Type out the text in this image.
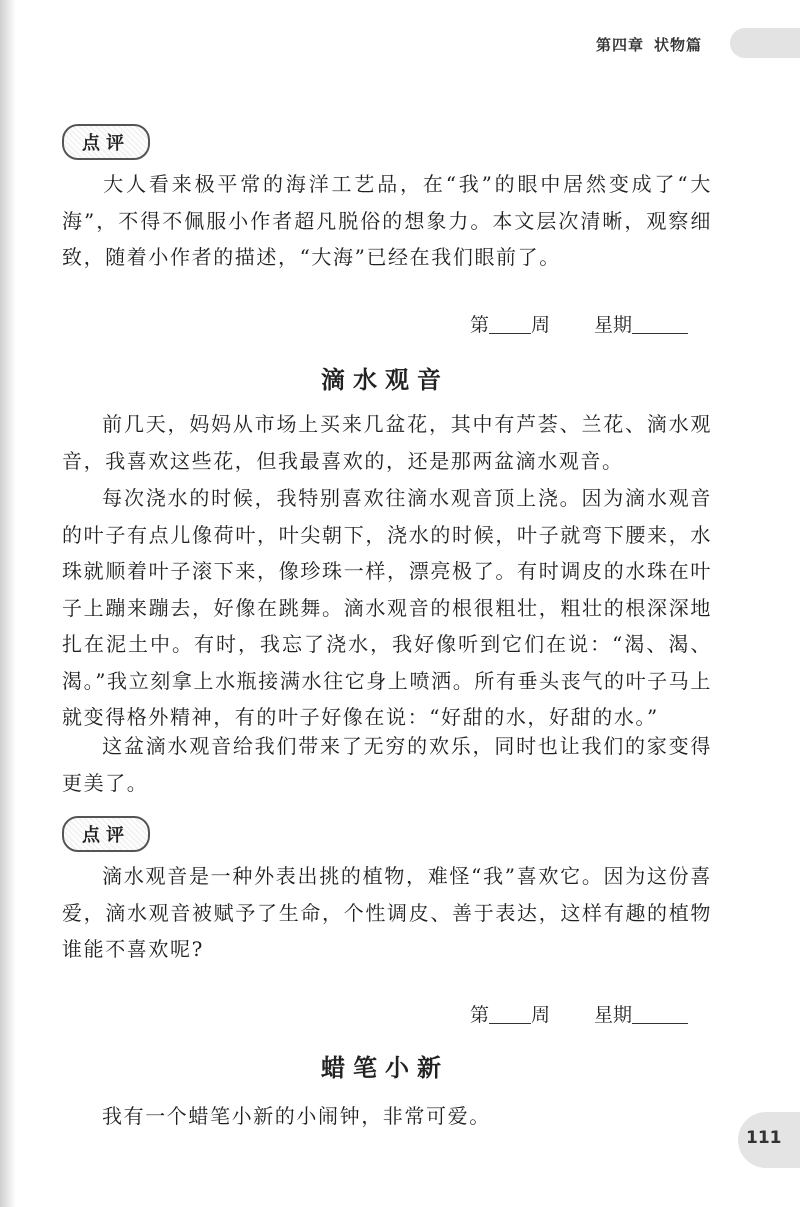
第四章 状物篇
点评
大人看来极平常的海洋工艺品，在“我”的眼中居然变成了“大海”，不得不佩服小作者超凡脱俗的想象力。本文层次清晰，观察细致，随着小作者的描述，“大海”已经在我们眼前了。
第 周 星期
滴水观音
前几天，妈妈从市场上买来几盆花，其中有芦荟、兰花、滴水观音，我喜欢这些花，但我最喜欢的，还是那两盆滴水观音。
每次浇水的时候，我特别喜欢往滴水观音顶上浇。因为滴水观音的叶子有点儿像荷叶，叶尖朝下，浇水的时候，叶子就弯下腰来，水珠就顺着叶子滚下来，像珍珠一样，漂亮极了。有时调皮的水珠在叶子上蹦来蹦去，好像在跳舞。滴水观音的根很粗壮，粗壮的根深深地扎在泥土中。有时，我忘了浇水，我好像听到它们在说：“渴、渴、渴。”我立刻拿上水瓶接满水往它身上喷洒。所有垂头丧气的叶子马上就变得格外精神，有的叶子好像在说：“好甜的水，好甜的水。”
这盆滴水观音给我们带来了无穷的欢乐，同时也让我们的家变得更美了。
点评
滴水观音是一种外表出挑的植物，难怪“我”喜欢它。因为这份喜爱，滴水观音被赋予了生命，个性调皮、善于表达，这样有趣的植物谁能不喜欢呢?
第 周 星期
蜡笔小新
我有一个蜡笔小新的小闹钟，非常可爱。
111
